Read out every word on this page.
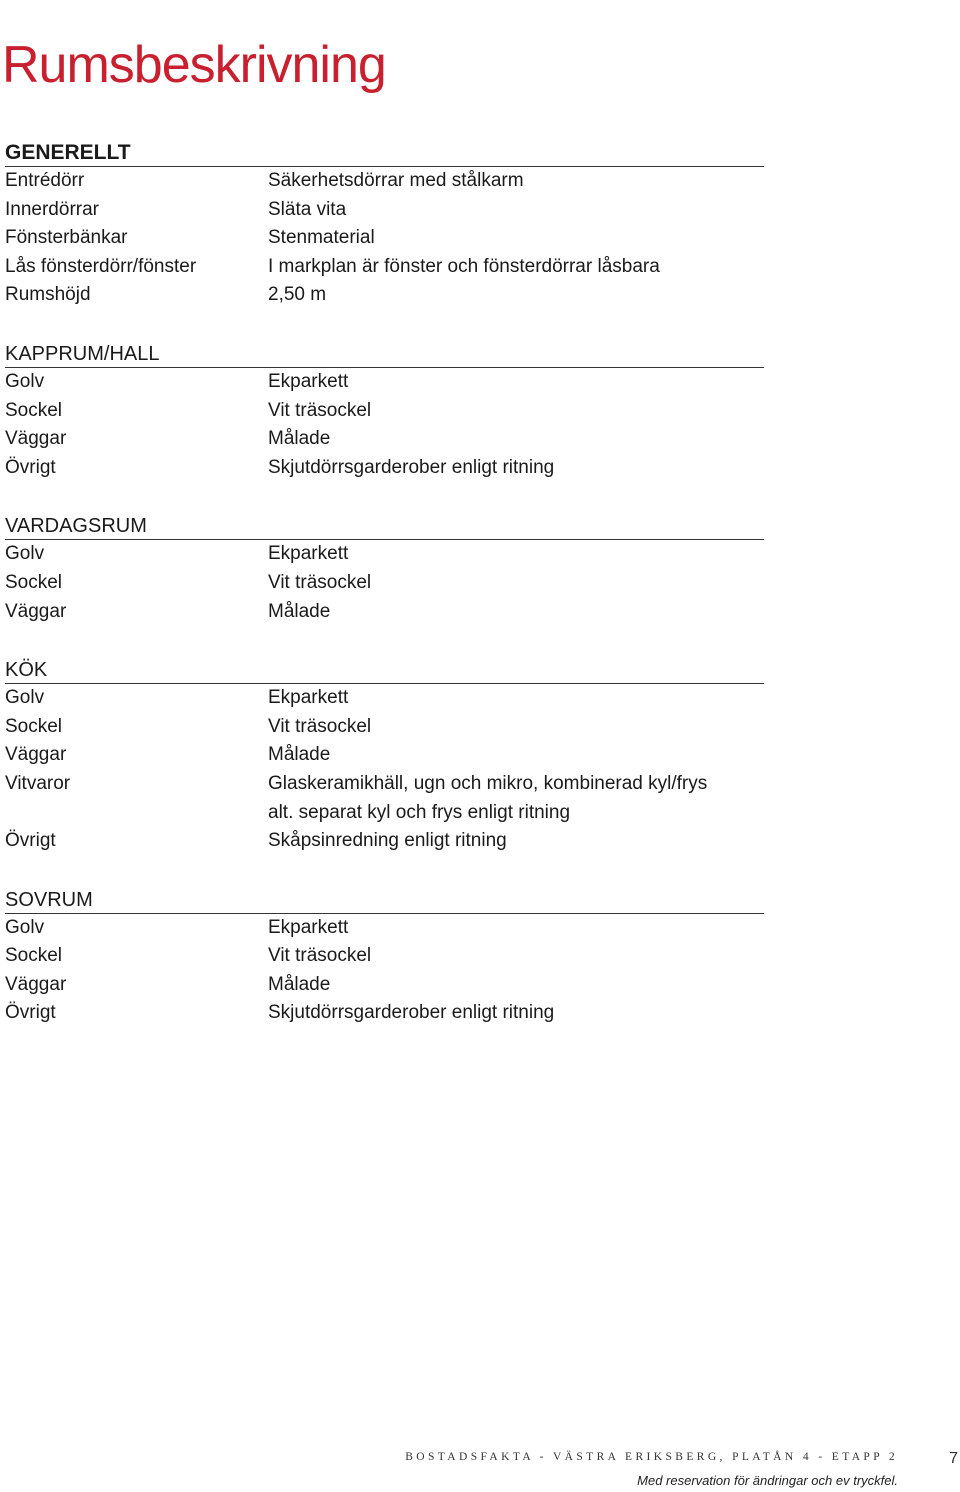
Rumsbeskrivning
GENERELLT
Entrédörr	Säkerhetsdörrar med stålkarm
Innerdörrar	Släta vita
Fönsterbänkar	Stenmaterial
Lås fönsterdörr/fönster	I markplan är fönster och fönsterdörrar låsbara
Rumshöjd	2,50 m
KAPPRUM/HALL
Golv	Ekparkett
Sockel	Vit träsockel
Väggar	Målade
Övrigt	Skjutdörrsgarderober enligt ritning
VARDAGSRUM
Golv	Ekparkett
Sockel	Vit träsockel
Väggar	Målade
KÖK
Golv	Ekparkett
Sockel	Vit träsockel
Väggar	Målade
Vitvaror	Glaskeramikhäll, ugn och mikro, kombinerad kyl/frys
alt. separat kyl och frys enligt ritning
Övrigt	Skåpsinredning enligt ritning
SOVRUM
Golv	Ekparkett
Sockel	Vit träsockel
Väggar	Målade
Övrigt	Skjutdörrsgarderober enligt ritning
BOSTADSFAKTA - VÄSTRA ERIKSBERG, PLATÅN 4 - ETAPP 2
Med reservation för ändringar och ev tryckfel.
7
